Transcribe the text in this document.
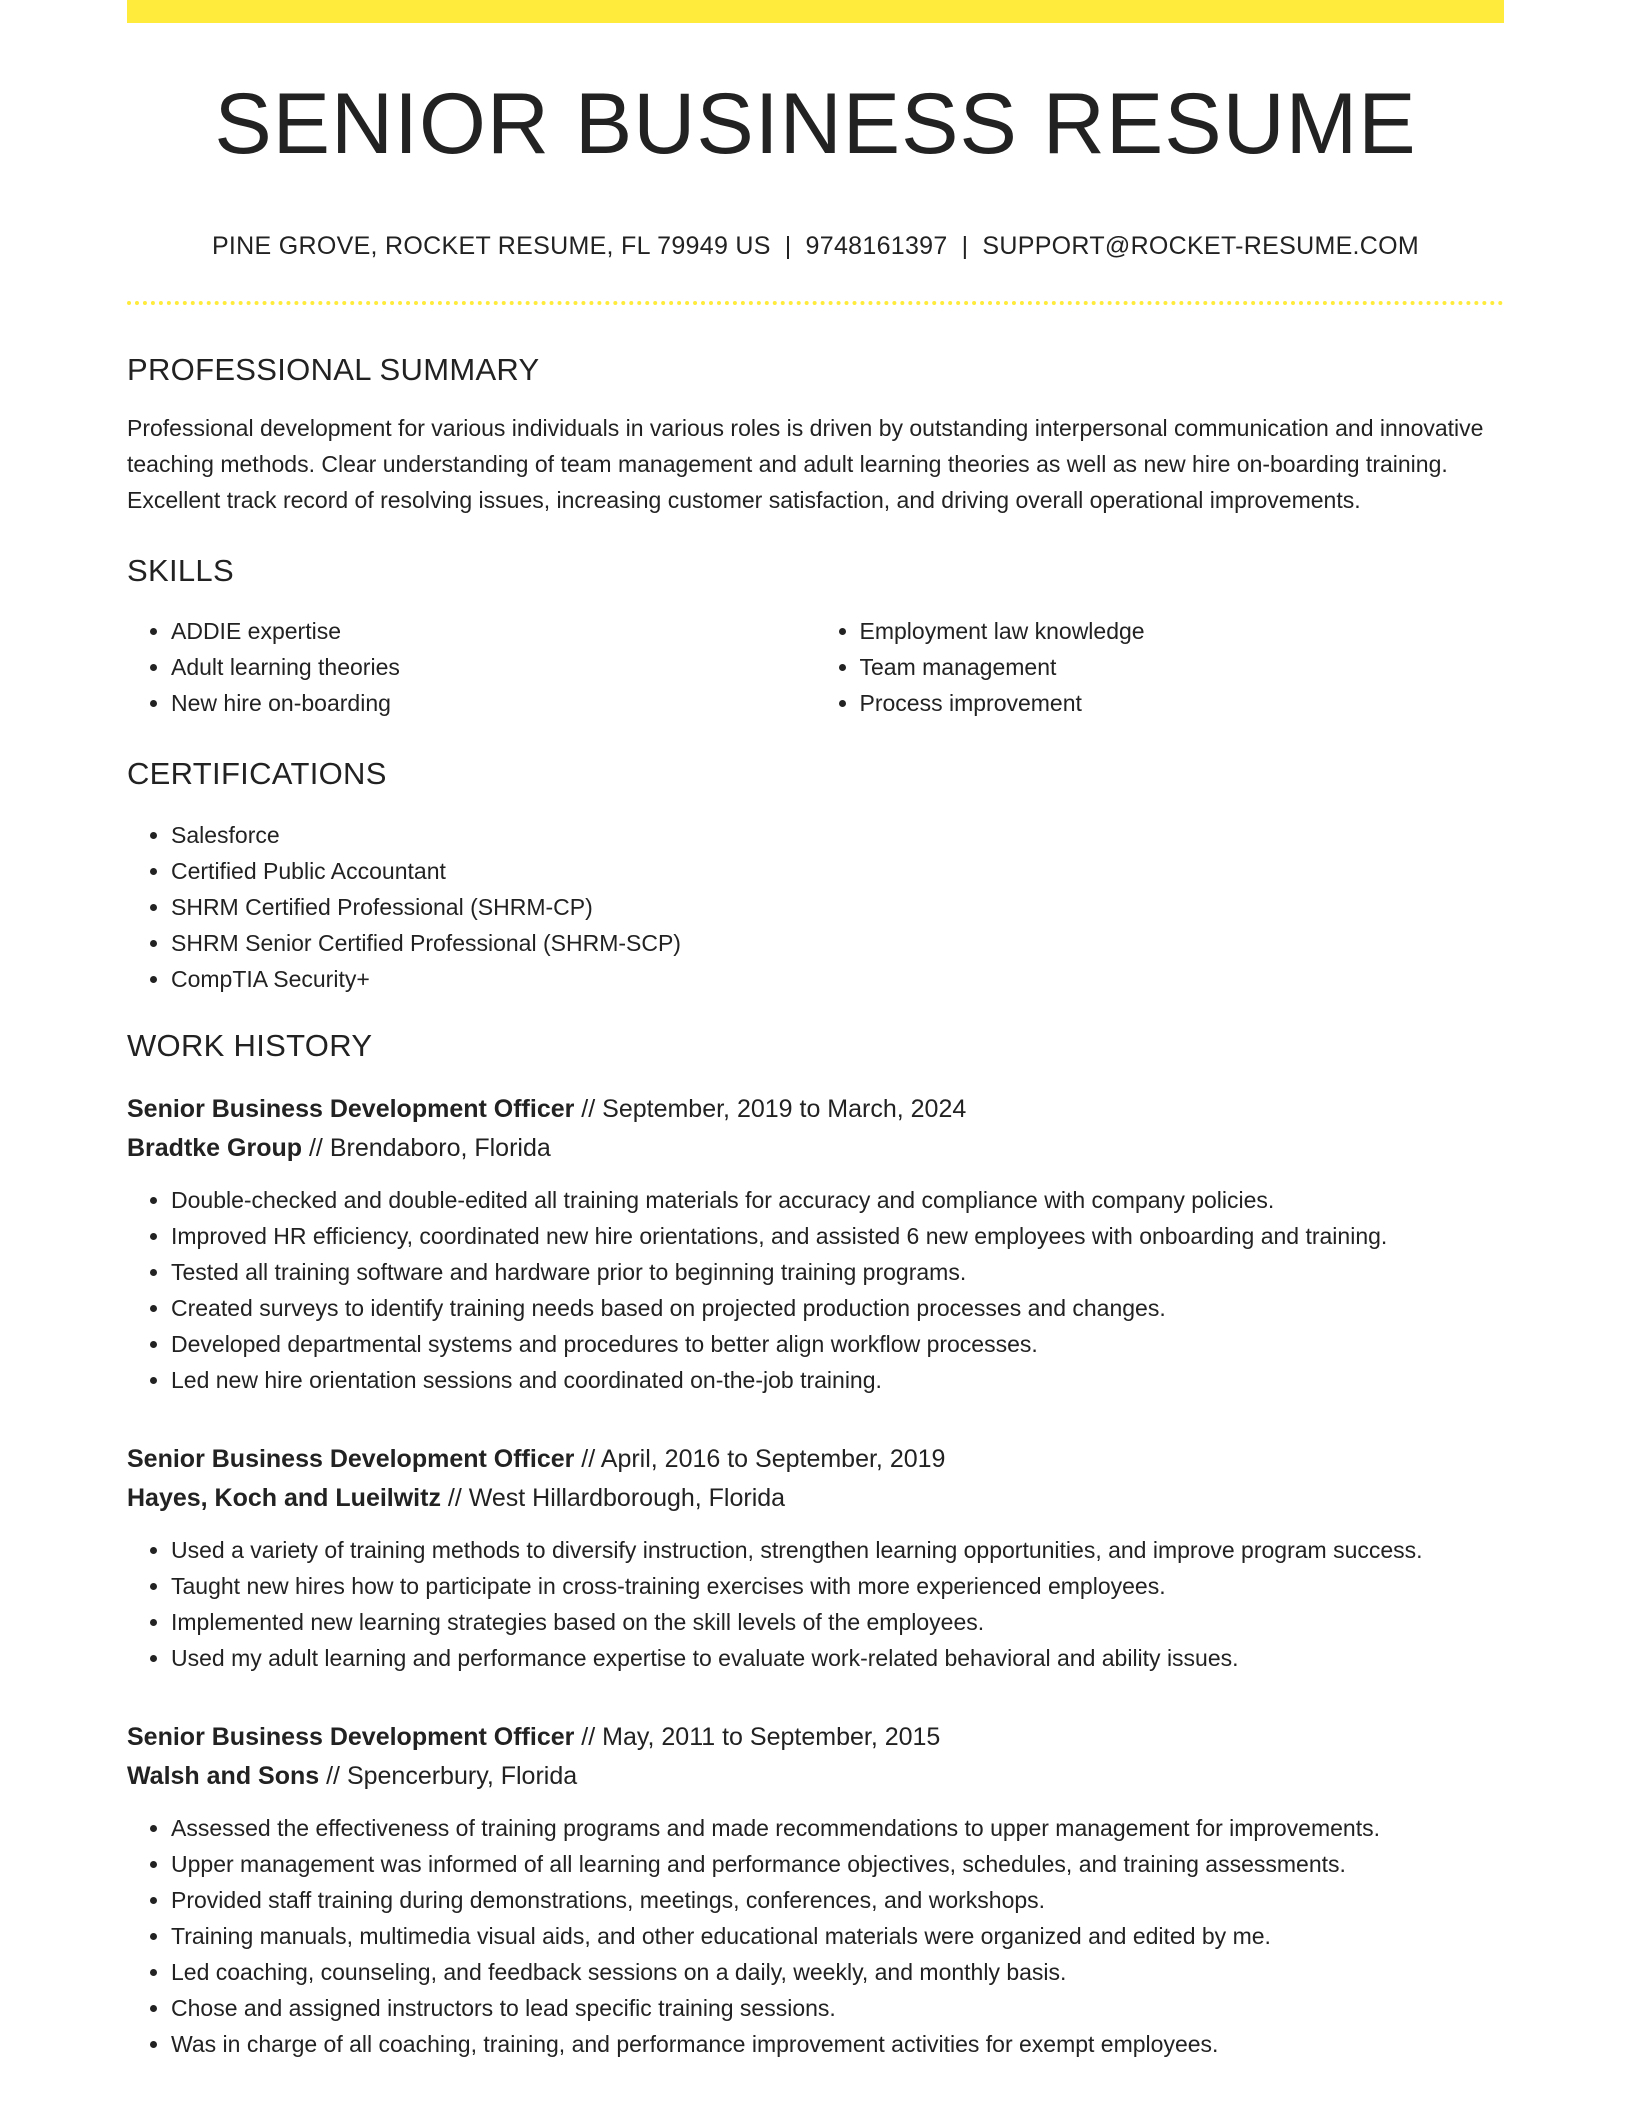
SENIOR BUSINESS RESUME
PINE GROVE, ROCKET RESUME, FL 79949 US | 9748161397 | SUPPORT@ROCKET-RESUME.COM
PROFESSIONAL SUMMARY

Professional development for various individuals in various roles is driven by outstanding interpersonal communication and innovative teaching methods. Clear understanding of team management and adult learning theories as well as new hire on-boarding training. Excellent track record of resolving issues, increasing customer satisfaction, and driving overall operational improvements.

SKILLS
• ADDIE expertise
• Adult learning theories
• New hire on-boarding
• Employment law knowledge
• Team management
• Process improvement
CERTIFICATIONS
• Salesforce
• Certified Public Accountant
• SHRM Certified Professional (SHRM-CP)
• SHRM Senior Certified Professional (SHRM-SCP)
• CompTIA Security+
WORK HISTORY
Senior Business Development Officer // September, 2019 to March, 2024
Bradtke Group // Brendaboro, Florida
• Double-checked and double-edited all training materials for accuracy and compliance with company policies.
• Improved HR efficiency, coordinated new hire orientations, and assisted 6 new employees with onboarding and training.
• Tested all training software and hardware prior to beginning training programs.
• Created surveys to identify training needs based on projected production processes and changes.
• Developed departmental systems and procedures to better align workflow processes.
• Led new hire orientation sessions and coordinated on-the-job training.
Senior Business Development Officer // April, 2016 to September, 2019
Hayes, Koch and Lueilwitz // West Hillardborough, Florida
• Used a variety of training methods to diversify instruction, strengthen learning opportunities, and improve program success.
• Taught new hires how to participate in cross-training exercises with more experienced employees.
• Implemented new learning strategies based on the skill levels of the employees.
• Used my adult learning and performance expertise to evaluate work-related behavioral and ability issues.
Senior Business Development Officer // May, 2011 to September, 2015
Walsh and Sons // Spencerbury, Florida
• Assessed the effectiveness of training programs and made recommendations to upper management for improvements.
• Upper management was informed of all learning and performance objectives, schedules, and training assessments.
• Provided staff training during demonstrations, meetings, conferences, and workshops.
• Training manuals, multimedia visual aids, and other educational materials were organized and edited by me.
• Led coaching, counseling, and feedback sessions on a daily, weekly, and monthly basis.
• Chose and assigned instructors to lead specific training sessions.
• Was in charge of all coaching, training, and performance improvement activities for exempt employees.
